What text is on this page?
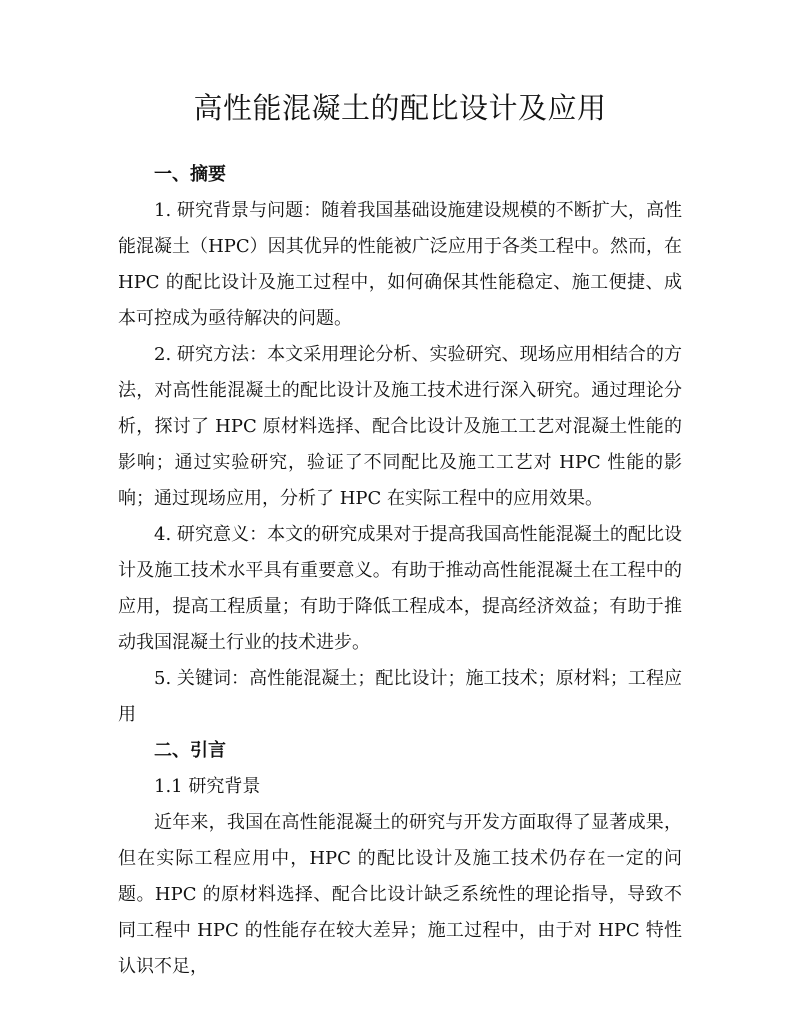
高性能混凝土的配比设计及应用
一、摘要

1. 研究背景与问题：随着我国基础设施建设规模的不断扩大，高性能混凝土（HPC）因其优异的性能被广泛应用于各类工程中。然而，在 HPC 的配比设计及施工过程中，如何确保其性能稳定、施工便捷、成本可控成为亟待解决的问题。

2. 研究方法：本文采用理论分析、实验研究、现场应用相结合的方法，对高性能混凝土的配比设计及施工技术进行深入研究。通过理论分析，探讨了 HPC 原材料选择、配合比设计及施工工艺对混凝土性能的影响；通过实验研究，验证了不同配比及施工工艺对 HPC 性能的影响；通过现场应用，分析了 HPC 在实际工程中的应用效果。

4. 研究意义：本文的研究成果对于提高我国高性能混凝土的配比设计及施工技术水平具有重要意义。有助于推动高性能混凝土在工程中的应用，提高工程质量；有助于降低工程成本，提高经济效益；有助于推动我国混凝土行业的技术进步。

5. 关键词：高性能混凝土；配比设计；施工技术；原材料；工程应用

二、引言

1.1 研究背景

近年来，我国在高性能混凝土的研究与开发方面取得了显著成果，但在实际工程应用中，HPC 的配比设计及施工技术仍存在一定的问题。HPC 的原材料选择、配合比设计缺乏系统性的理论指导，导致不同工程中 HPC 的性能存在较大差异；施工过程中，由于对 HPC 特性认识不足，
